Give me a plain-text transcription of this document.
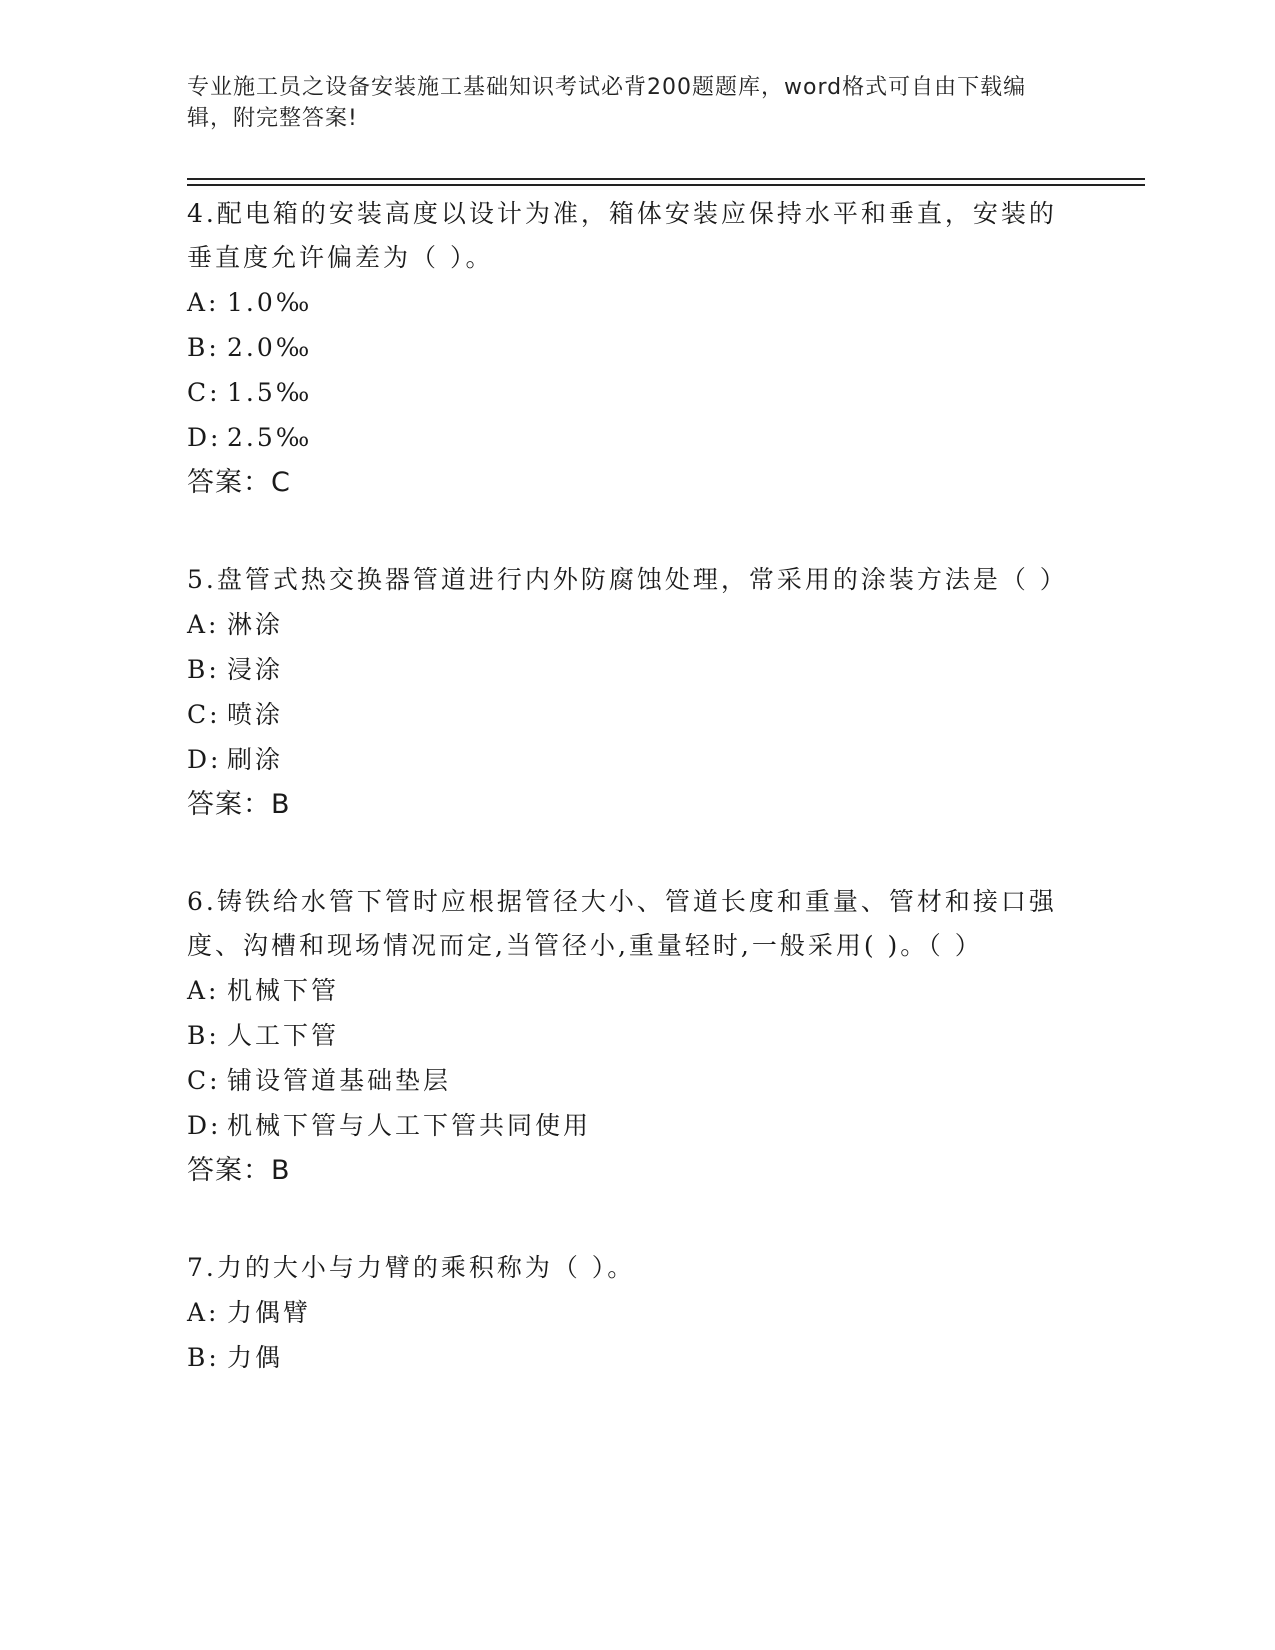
专业施工员之设备安装施工基础知识考试必背200题题库，word格式可自由下载编辑，附完整答案!

4.配电箱的安装高度以设计为准，箱体安装应保持水平和垂直，安装的垂直度允许偏差为（ ）。

A: 1.0‰
B: 2.0‰
C: 1.5‰
D: 2.5‰
答案：C

5.盘管式热交换器管道进行内外防腐蚀处理，常采用的涂装方法是（ ）

A: 淋涂
B: 浸涂
C: 喷涂
D: 刷涂
答案：B

6.铸铁给水管下管时应根据管径大小、管道长度和重量、管材和接口强度、沟槽和现场情况而定,当管径小,重量轻时,一般采用( )。（ ）

A: 机械下管
B: 人工下管
C: 铺设管道基础垫层
D: 机械下管与人工下管共同使用
答案：B

7.力的大小与力臂的乘积称为（ ）。

A: 力偶臂
B: 力偶
